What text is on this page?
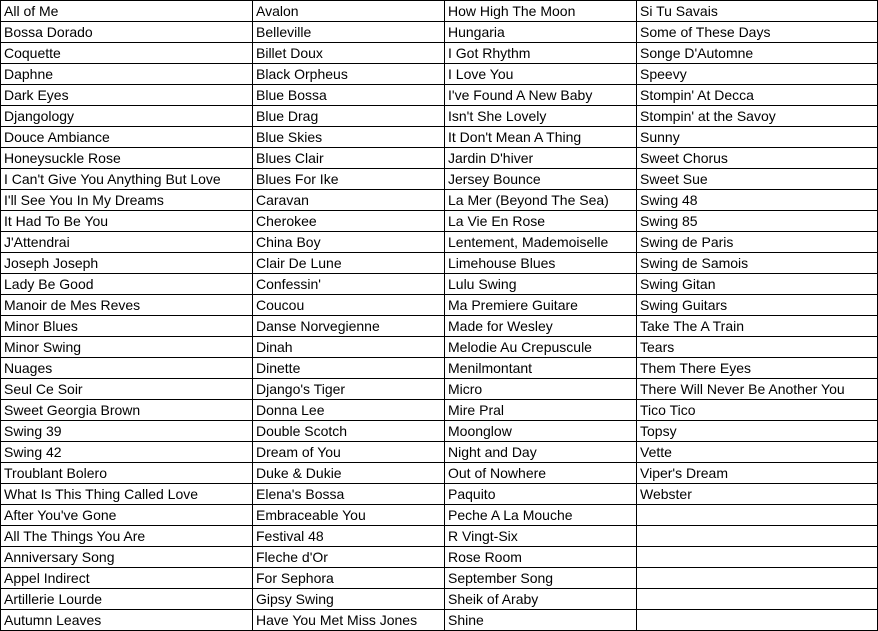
All of Me	Avalon	How High The Moon	Si Tu Savais
Bossa Dorado	Belleville	Hungaria	Some of These Days
Coquette	Billet Doux	I Got Rhythm	Songe D'Automne
Daphne	Black Orpheus	I Love You	Speevy
Dark Eyes	Blue Bossa	I've Found A New Baby	Stompin' At Decca
Djangology	Blue Drag	Isn't She Lovely	Stompin' at the Savoy
Douce Ambiance	Blue Skies	It Don't Mean A Thing	Sunny
Honeysuckle Rose	Blues Clair	Jardin D'hiver	Sweet Chorus
I Can't Give You Anything But Love	Blues For Ike	Jersey Bounce	Sweet Sue
I'll See You In My Dreams	Caravan	La Mer (Beyond The Sea)	Swing 48
It Had To Be You	Cherokee	La Vie En Rose	Swing 85
J'Attendrai	China Boy	Lentement, Mademoiselle	Swing de Paris
Joseph Joseph	Clair De Lune	Limehouse Blues	Swing de Samois
Lady Be Good	Confessin'	Lulu Swing	Swing Gitan
Manoir de Mes Reves	Coucou	Ma Premiere Guitare	Swing Guitars
Minor Blues	Danse Norvegienne	Made for Wesley	Take The A Train
Minor Swing	Dinah	Melodie Au Crepuscule	Tears
Nuages	Dinette	Menilmontant	Them There Eyes
Seul Ce Soir	Django's Tiger	Micro	There Will Never Be Another You
Sweet Georgia Brown	Donna Lee	Mire Pral	Tico Tico
Swing 39	Double Scotch	Moonglow	Topsy
Swing 42	Dream of You	Night and Day	Vette
Troublant Bolero	Duke & Dukie	Out of Nowhere	Viper's Dream
What Is This Thing Called Love	Elena's Bossa	Paquito	Webster
After You've Gone	Embraceable You	Peche A La Mouche	
All The Things You Are	Festival 48	R Vingt-Six	
Anniversary Song	Fleche d'Or	Rose Room	
Appel Indirect	For Sephora	September Song	
Artillerie Lourde	Gipsy Swing	Sheik of Araby	
Autumn Leaves	Have You Met Miss Jones	Shine	
